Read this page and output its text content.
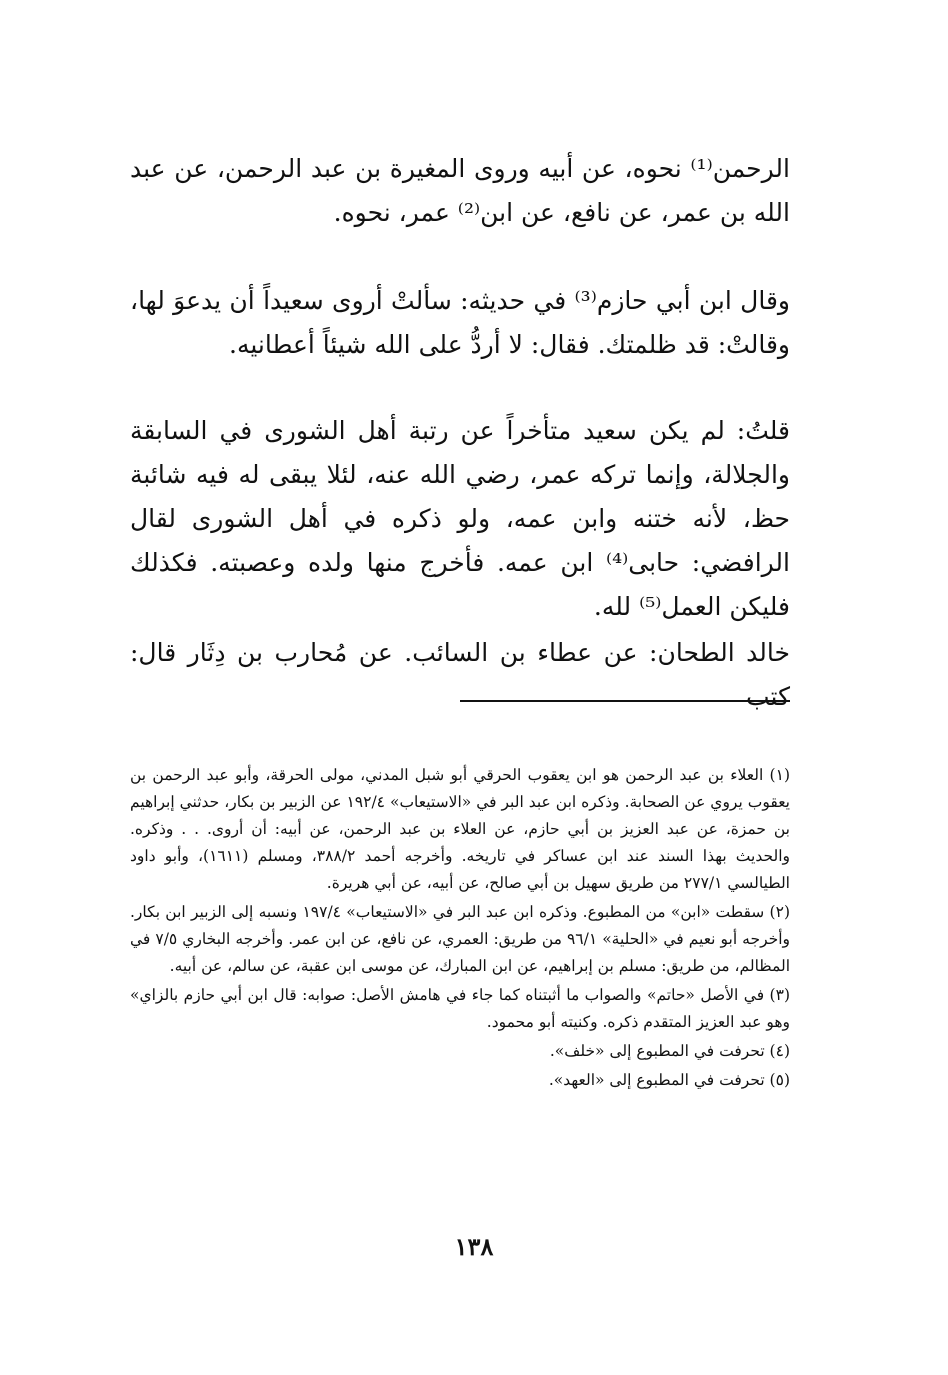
الرحمن⁽¹⁾ نحوه، عن أبيه وروى المغيرة بن عبد الرحمن، عن عبد الله بن عمر، عن نافع، عن ابن⁽²⁾ عمر، نحوه.

وقال ابن أبي حازم⁽³⁾ في حديثه: سألتْ أروى سعيداً أن يدعوَ لها، وقالتْ: قد ظلمتك. فقال: لا أردُّ على الله شيئاً أعطانيه.

قلتُ: لم يكن سعيد متأخراً عن رتبة أهل الشورى في السابقة والجلالة، وإنما تركه عمر، رضي الله عنه، لئلا يبقى له فيه شائبة حظ، لأنه ختنه وابن عمه، ولو ذكره في أهل الشورى لقال الرافضي: حابى⁽⁴⁾ ابن عمه. فأخرج منها ولده وعصبته. فكذلك فليكن العمل⁽⁵⁾ لله.

خالد الطحان: عن عطاء بن السائب. عن مُحارب بن دِثَار قال: كتب

(١) العلاء بن عبد الرحمن هو ابن يعقوب الحرقي أبو شبل المدني، مولى الحرقة، وأبو عبد الرحمن بن يعقوب يروي عن الصحابة. وذكره ابن عبد البر في «الاستيعاب» ١٩٢/٤ عن الزبير بن بكار، حدثني إبراهيم بن حمزة، عن عبد العزيز بن أبي حازم، عن العلاء بن عبد الرحمن، عن أبيه: أن أروى. . . وذكره. والحديث بهذا السند عند ابن عساكر في تاريخه. وأخرجه أحمد ٣٨٨/٢، ومسلم (١٦١١)، وأبو داود الطيالسي ٢٧٧/١ من طريق سهيل بن أبي صالح، عن أبيه، عن أبي هريرة.

(٢) سقطت «ابن» من المطبوع. وذكره ابن عبد البر في «الاستيعاب» ١٩٧/٤ ونسبه إلى الزبير ابن بكار. وأخرجه أبو نعيم في «الحلية» ٩٦/١ من طريق: العمري، عن نافع، عن ابن عمر. وأخرجه البخاري ٧/٥ في المظالم، من طريق: مسلم بن إبراهيم، عن ابن المبارك، عن موسى ابن عقبة، عن سالم، عن أبيه.

(٣) في الأصل «حاتم» والصواب ما أثبتناه كما جاء في هامش الأصل: صوابه: قال ابن أبي حازم بالزاي» وهو عبد العزيز المتقدم ذكره. وكنيته أبو محمود.

(٤) تحرفت في المطبوع إلى «خلف».

(٥) تحرفت في المطبوع إلى «العهد».

١٣٨
